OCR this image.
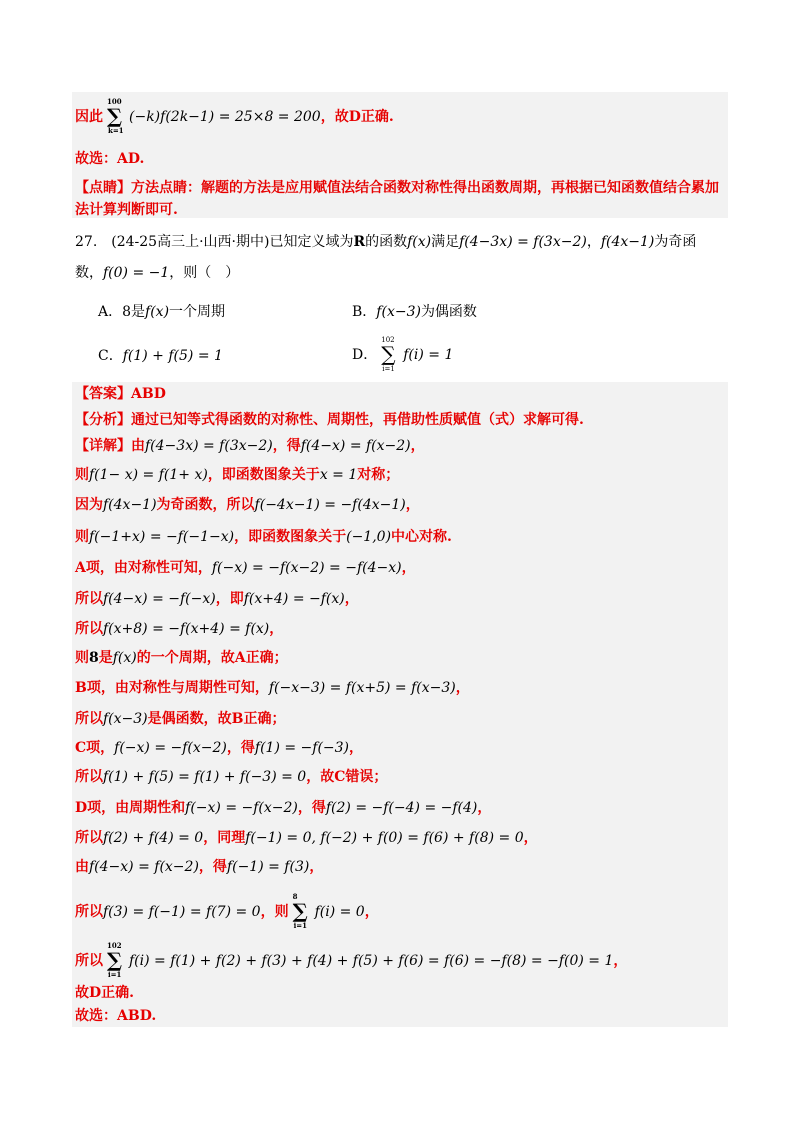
因此
100
∑
k=1
(−k)f(2k−1) = 25×8 = 200，故D正确.
故选：AD.
【点睛】方法点睛：解题的方法是应用赋值法结合函数对称性得出函数周期，再根据已知函数值结合累加
法计算判断即可.
27.　(24-25高三上·山西·期中)已知定义域为R的函数f(x)满足f(4−3x) = f(3x−2)，f(4x−1)为奇函
数，f(0) = −1，则（　）
A．8是f(x)一个周期	B．f(x−3)为偶函数
C．f(1) + f(5) = 1	D．
102
∑
i=1
f(i) = 1
【答案】ABD
【分析】通过已知等式得函数的对称性、周期性，再借助性质赋值（式）求解可得.
【详解】由f(4−3x) = f(3x−2)，得f(4−x) = f(x−2)，
则f(1− x) = f(1+ x)，即函数图象关于x = 1对称；
因为f(4x−1)为奇函数，所以f(−4x−1) = −f(4x−1)，
则f(−1+x) = −f(−1−x)，即函数图象关于(−1,0)中心对称.
A项，由对称性可知，f(−x) = −f(x−2) = −f(4−x)，
所以f(4−x) = −f(−x)，即f(x+4) = −f(x)，
所以f(x+8) = −f(x+4) = f(x)，
则8是f(x)的一个周期，故A正确；
B项，由对称性与周期性可知，f(−x−3) = f(x+5) = f(x−3)，
所以f(x−3)是偶函数，故B正确；
C项，f(−x) = −f(x−2)，得f(1) = −f(−3)，
所以f(1) + f(5) = f(1) + f(−3) = 0，故C错误；
D项，由周期性和f(−x) = −f(x−2)，得f(2) = −f(−4) = −f(4)，
所以f(2) + f(4) = 0，同理f(−1) = 0, f(−2) + f(0) = f(6) + f(8) = 0，
由f(4−x) = f(x−2)，得f(−1) = f(3)，
所以f(3) = f(−1) = f(7) = 0，则
8
∑
i=1
f(i) = 0，
所以
102
∑
i=1
f(i) = f(1) + f(2) + f(3) + f(4) + f(5) + f(6) = f(6) = −f(8) = −f(0) = 1，
故D正确.
故选：ABD.
